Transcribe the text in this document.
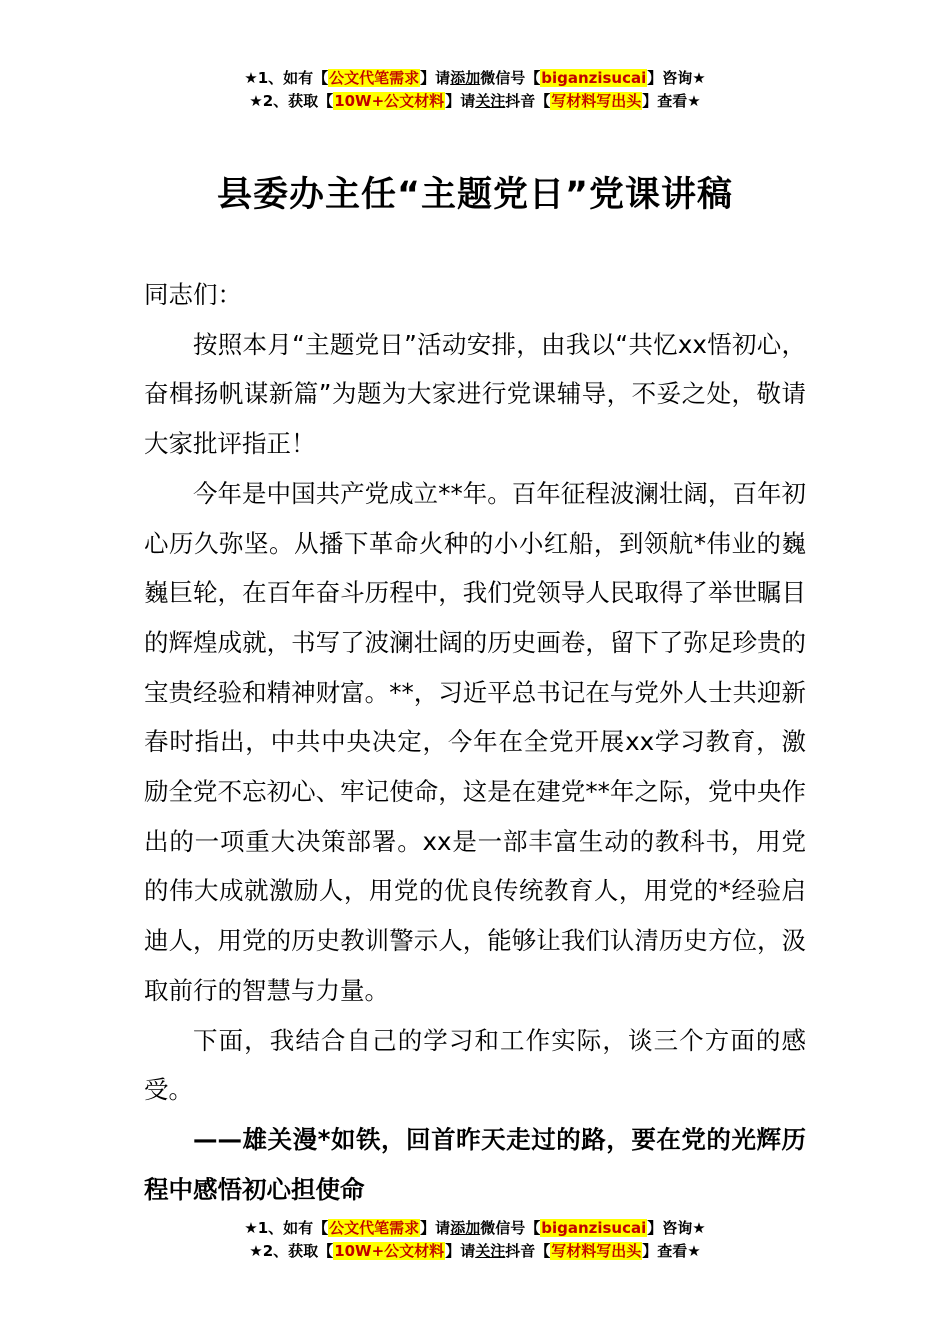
★1、如有【公文代笔需求】请添加微信号【biganzisucai】咨询★
★2、获取【10W+公文材料】请关注抖音【写材料写出头】查看★
县委办主任“主题党日”党课讲稿

同志们：

按照本月“主题党日”活动安排，由我以“共忆xx悟初心，奋楫扬帆谋新篇”为题为大家进行党课辅导，不妥之处，敬请大家批评指正！

今年是中国共产党成立**年。百年征程波澜壮阔，百年初心历久弥坚。从播下革命火种的小小红船，到领航*伟业的巍巍巨轮，在百年奋斗历程中，我们党领导人民取得了举世瞩目的辉煌成就，书写了波澜壮阔的历史画卷，留下了弥足珍贵的宝贵经验和精神财富。**，习近平总书记在与党外人士共迎新春时指出，中共中央决定，今年在全党开展xx学习教育，激励全党不忘初心、牢记使命，这是在建党**年之际，党中央作出的一项重大决策部署。xx是一部丰富生动的教科书，用党的伟大成就激励人，用党的优良传统教育人，用党的*经验启迪人，用党的历史教训警示人，能够让我们认清历史方位，汲取前行的智慧与力量。

下面，我结合自己的学习和工作实际，谈三个方面的感受。

——雄关漫*如铁，回首昨天走过的路，要在党的光辉历程中感悟初心担使命

★1、如有【公文代笔需求】请添加微信号【biganzisucai】咨询★
★2、获取【10W+公文材料】请关注抖音【写材料写出头】查看★
